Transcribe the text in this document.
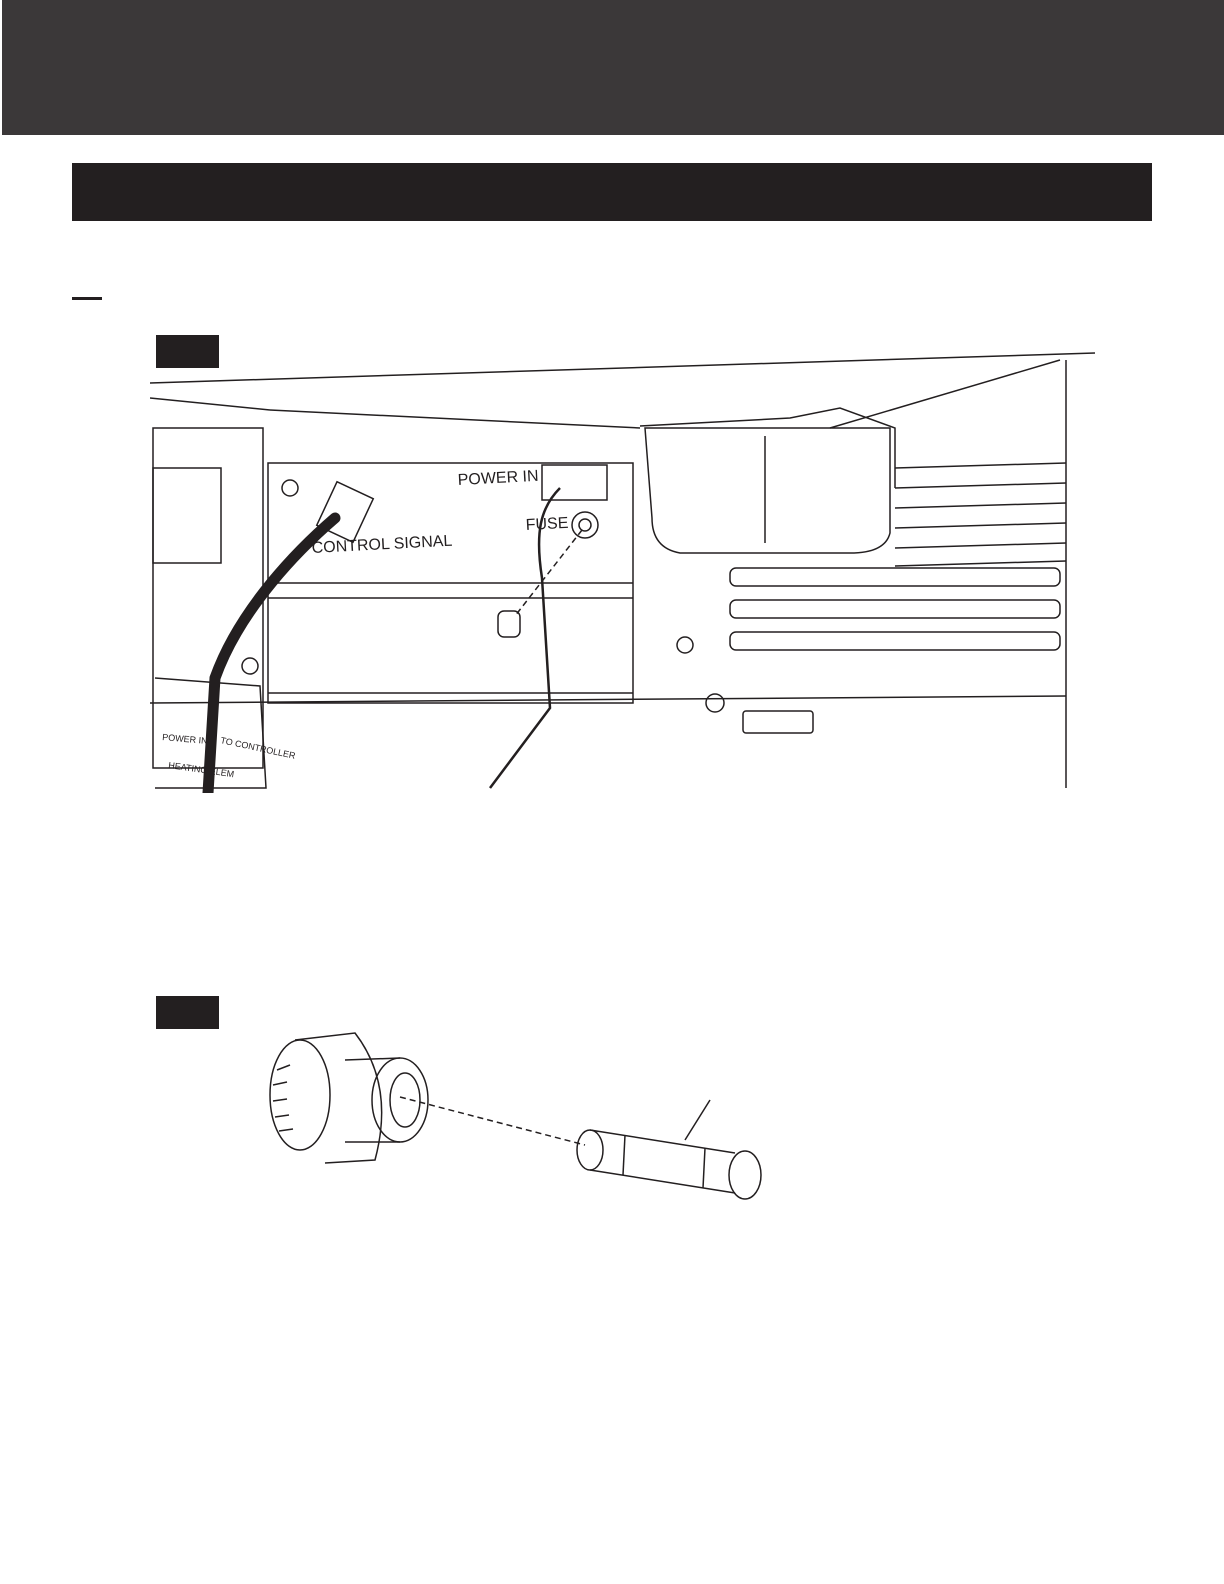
POWER IN
FUSE
CONTROL SIGNAL
POWER IN
HEATING ELEM
TO CONTROLLER
